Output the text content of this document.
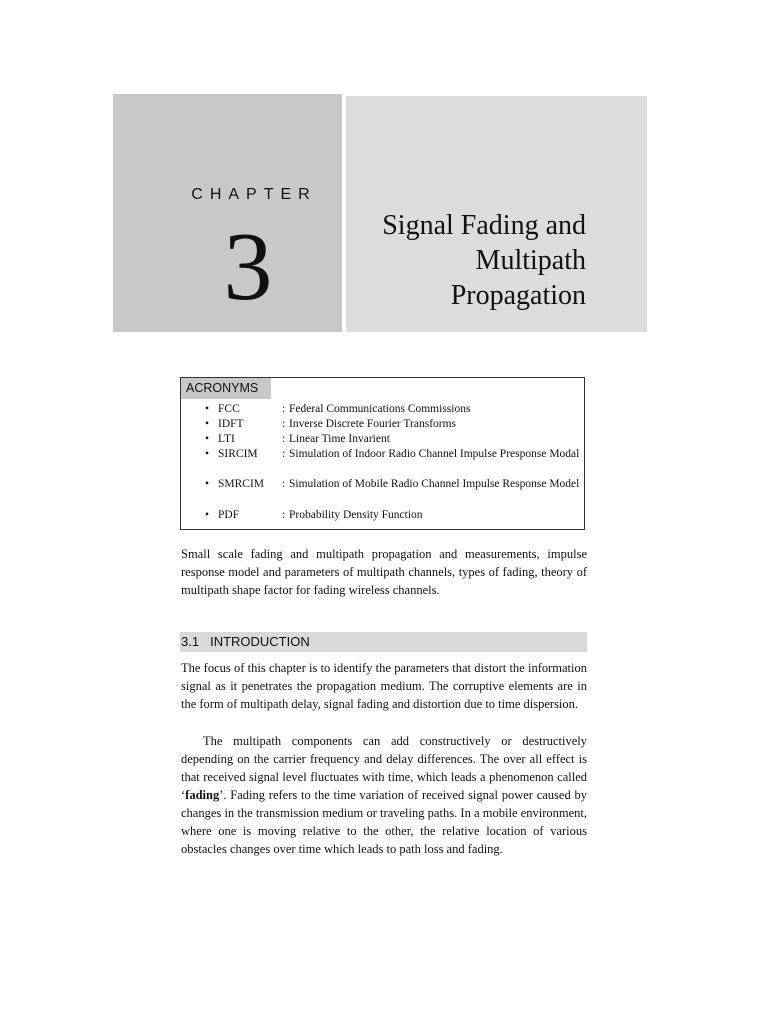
CHAPTER
3	Signal Fading and
Multipath
Propagation
ACRONYMS
• FCC	: Federal Communications Commissions
• IDFT	: Inverse Discrete Fourier Transforms
• LTI	: Linear Time Invarient
• SIRCIM : Simulation of Indoor Radio Channel Impulse Presponse Modal
• SMRCIM : Simulation of Mobile Radio Channel Impulse Response Model
• PDF	: Probability Density Function

Small scale fading and multipath propagation and measurements, impulse response model and parameters of multipath channels, types of fading, theory of multipath shape factor for fading wireless channels.

3.1 INTRODUCTION

The focus of this chapter is to identify the parameters that distort the information signal as it penetrates the propagation medium. The corruptive elements are in the form of multipath delay, signal fading and distortion due to time dispersion.

The multipath components can add constructively or destructively depending on the carrier frequency and delay differences. The over all effect is that received signal level fluctuates with time, which leads a phenomenon called ‘fading’. Fading refers to the time variation of received signal power caused by changes in the transmission medium or traveling paths. In a mobile environment, where one is moving relative to the other, the relative location of various obstacles changes over time which leads to path loss and fading.
